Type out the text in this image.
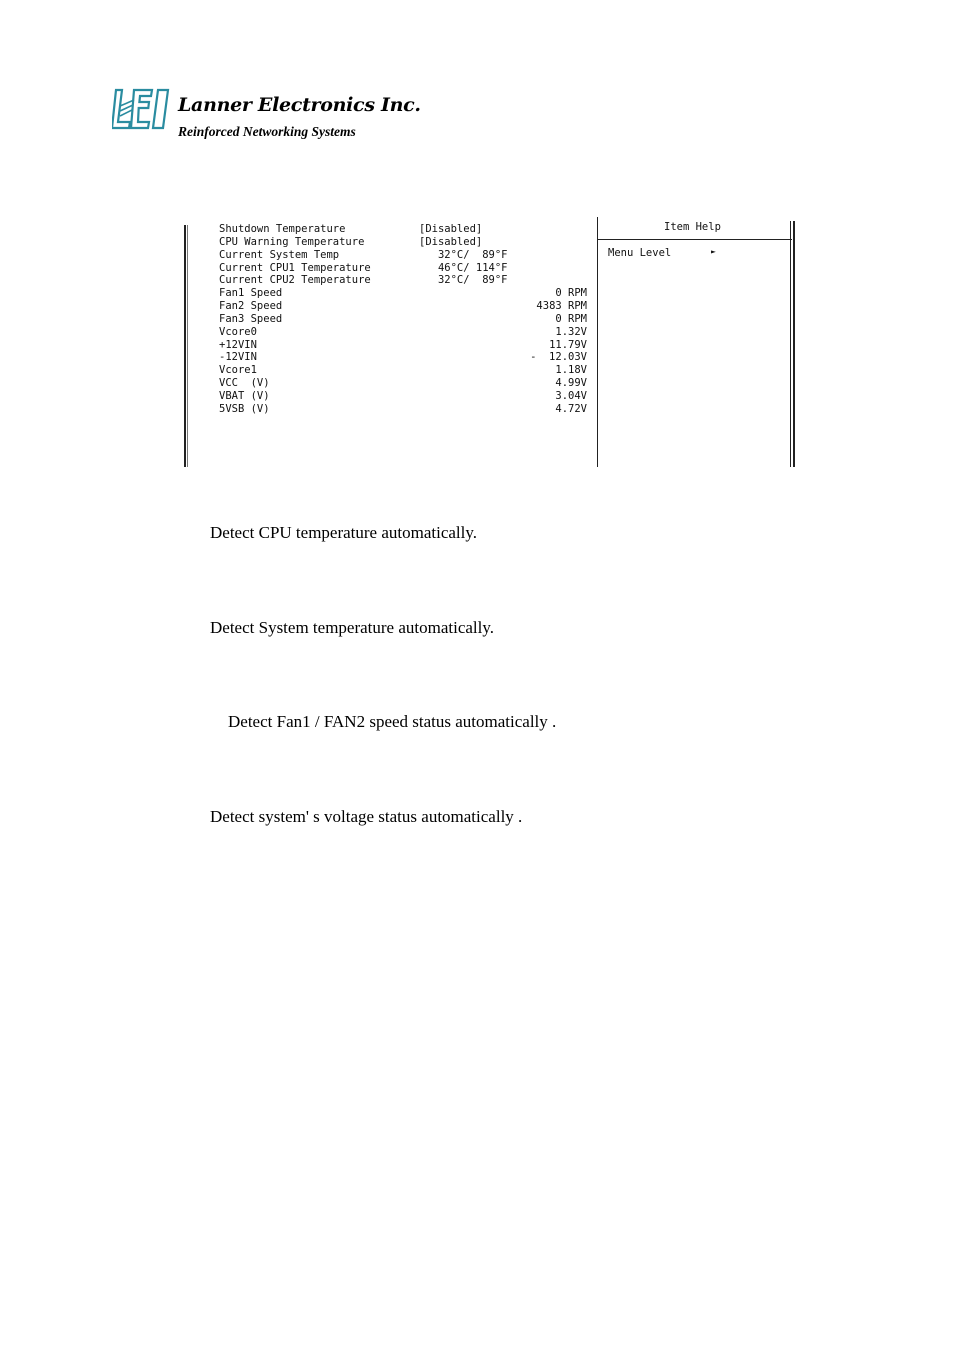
Lanner Electronics Inc.
Reinforced Networking Systems
Shutdown Temperature	[Disabled]
CPU Warning Temperature	[Disabled]
Current System Temp	32°C/  89°F
Current CPU1 Temperature	46°C/ 114°F
Current CPU2 Temperature	32°C/  89°F
Fan1 Speed	0 RPM
Fan2 Speed	4383 RPM
Fan3 Speed	0 RPM
Vcore0	1.32V
+12VIN	11.79V
-12VIN	-  12.03V
Vcore1	1.18V
VCC  (V)	4.99V
VBAT (V)	3.04V
5VSB (V)	4.72V
Item Help
Menu Level	►
Detect CPU temperature automatically.
Detect System temperature automatically.
Detect Fan1 / FAN2 speed status automatically .
Detect system' s voltage status automatically .
